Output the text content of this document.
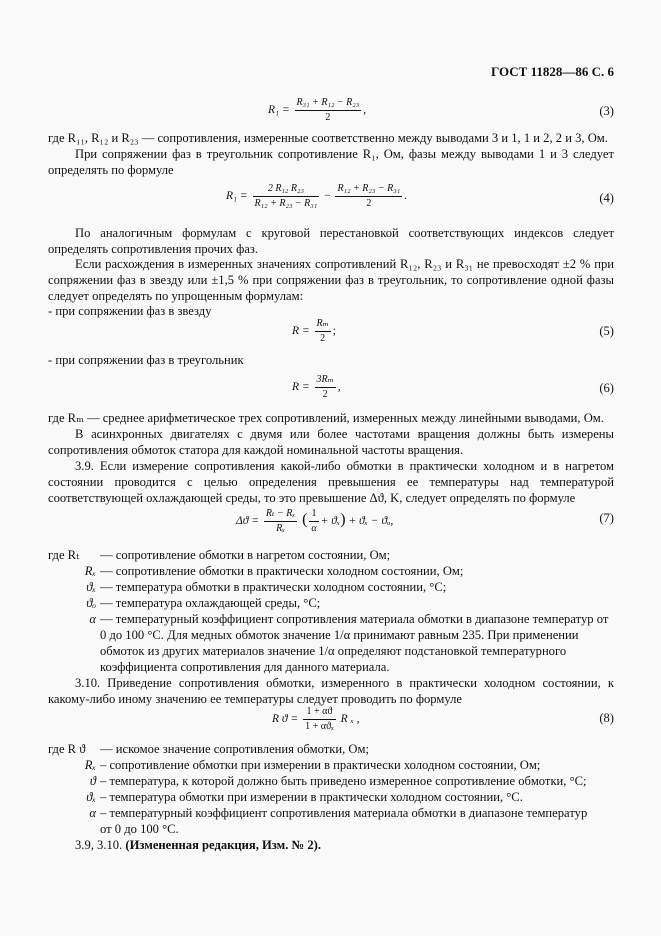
ГОСТ 11828—86 С. 6
$R_1 = \frac{\text{R₃₁ + R₁₂ − R₂₃}}{2}$ ,	(3)
где R₁₁, R₁₂ и R₂₃ — сопротивления, измеренные соответственно между выводами 3 и 1, 1 и 2, 2 и 3, Ом.
При сопряжении фаз в треугольник сопротивление R₁, Ом, фазы между выводами 1 и 3 следует определять по формуле
$R_1 = \frac{\text{2 R₁₂ R₂₃}}{\text{R₁₂ + R₂₃ − R₃₁}} - \frac{\text{R₁₂ + R₂₃ − R₃₁}}{2}$ .	(4)
По аналогичным формулам с круговой перестановкой соответствующих индексов следует определять сопротивления прочих фаз.
Если расхождения в измеренных значениях сопротивлений R₁₂, R₂₃ и R₃₁ не превосходят ±2 % при сопряжении фаз в звезду или ±1,5 % при сопряжении фаз в треугольник, то сопротивление одной фазы следует определять по упрощенным формулам:
- при сопряжении фаз в звезду
$R = \frac{\text{Rₘ}}{2}$ ;	(5)
- при сопряжении фаз в треугольник
$R = \frac{\text{3Rₘ}}{2}$ ,	(6)
где Rₘ — среднее арифметическое трех сопротивлений, измеренных между линейными выводами, Ом.
В асинхронных двигателях с двумя или более частотами вращения должны быть измерены сопротивления обмоток статора для каждой номинальной частоты вращения.
3.9. Если измерение сопротивления какой-либо обмотки в практически холодном и в нагретом состоянии проводится с целью определения превышения ее температуры над температурой соответствующей охлаждающей среды, то это превышение Δϑ, K, следует определять по формуле
$\Delta ϑ = \frac{\text{Rₜ − Rₓ}}{\text{Rₓ}}$ ( $\frac{1}{\alpha} + ϑ_x) + ϑ_x - ϑ_o$,	(7)
где Rₜ	— сопротивление обмотки в нагретом состоянии, Ом;
Rₓ — сопротивление обмотки в практически холодном состоянии, Ом;
ϑₓ — температура обмотки в практически холодном состоянии, °С;
ϑₒ — температура охлаждающей среды, °С;
α — температурный коэффициент сопротивления материала обмотки в диапазоне температур от
0 до 100 °С. Для медных обмоток значение 1/α принимают равным 235. При применении
обмоток из других материалов значение 1/α определяют подстановкой температурного
коэффициента сопротивления для данного материала.
3.10. Приведение сопротивления обмотки, измеренного в практически холодном состоянии, к какому-либо иному значению ее температуры следует проводить по формуле
R $ϑ = \frac{1 + \alpha ϑ}{\text{1 + αϑₓ}}$ R ₓ ,	(8)
где R ϑ	— искомое значение сопротивления обмотки, Ом;
Rₓ – сопротивление обмотки при измерении в практически холодном состоянии, Ом;
ϑ – температура, к которой должно быть приведено измеренное сопротивление обмотки, °С;
ϑₓ – температура обмотки при измерении в практически холодном состоянии, °С.
α – температурный коэффициент сопротивления материала обмотки в диапазоне температур
от 0 до 100 °С.
3.9, 3.10. (Измененная редакция, Изм. № 2).
